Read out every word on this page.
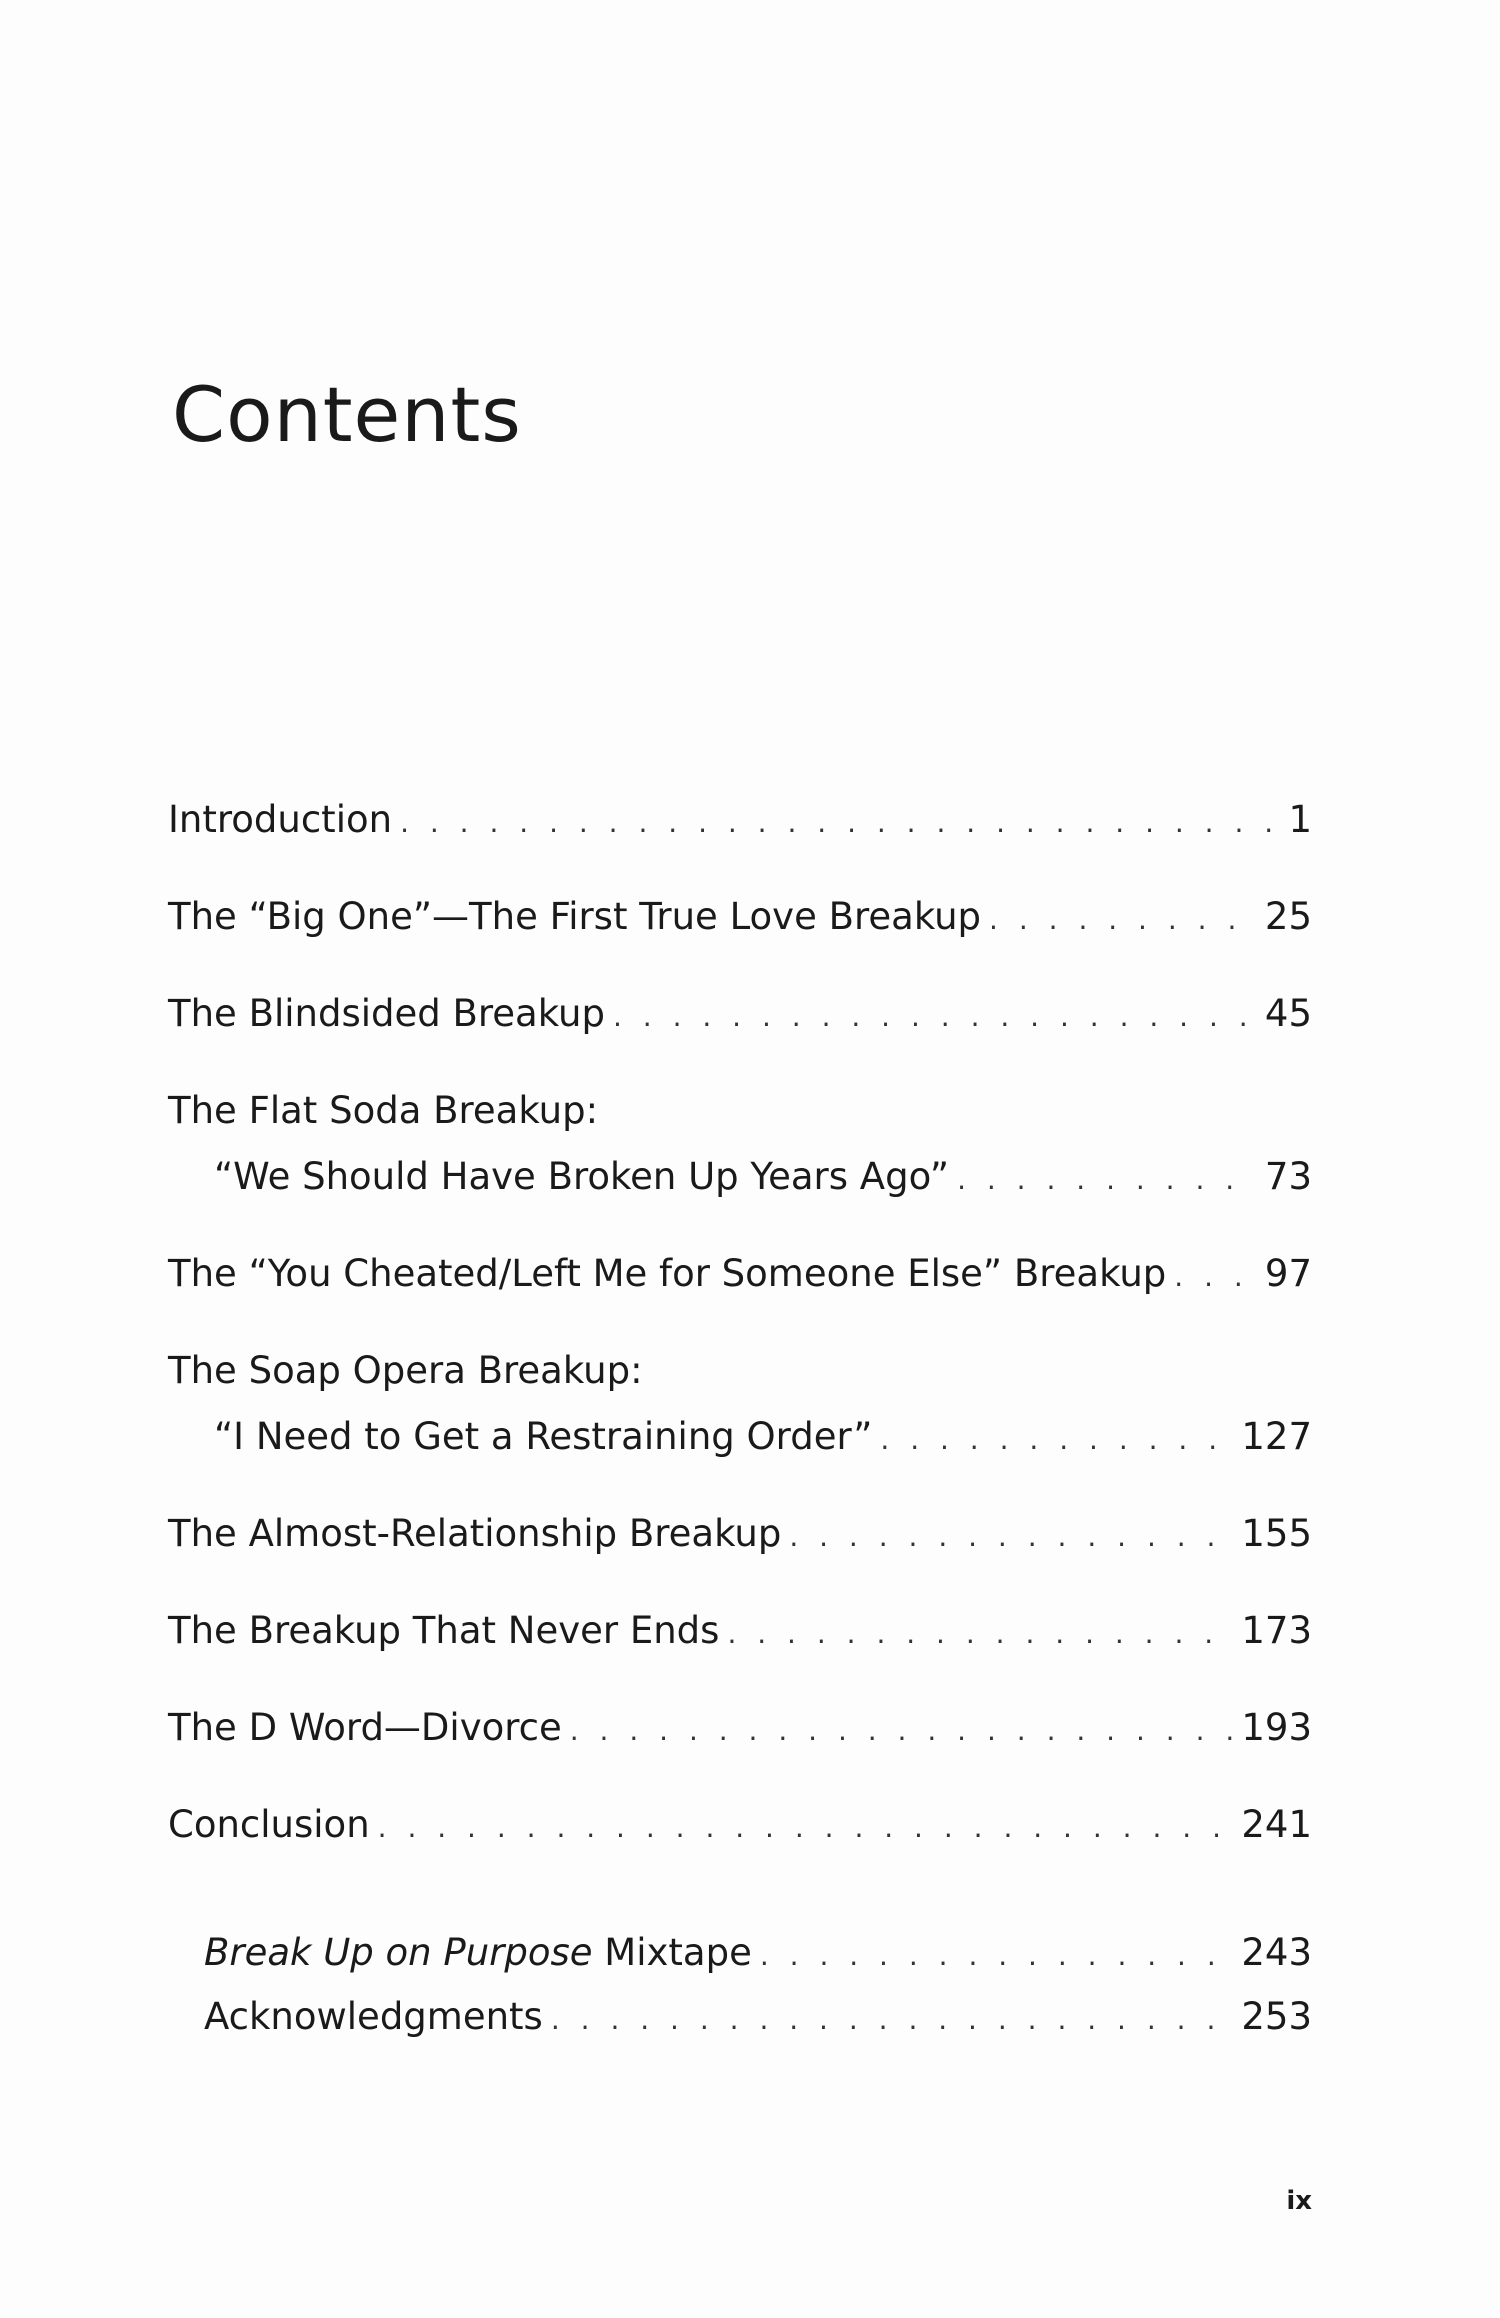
Contents
Introduction . . .	1
The “Big One”—The First True Love Breakup . . .	25
The Blindsided Breakup . . .	45
The Flat Soda Breakup:
“We Should Have Broken Up Years Ago” . . .	73
The “You Cheated/Left Me for Someone Else” Breakup . . .	97
The Soap Opera Breakup:
“I Need to Get a Restraining Order” . . .	127
The Almost-Relationship Breakup . . .	155
The Breakup That Never Ends . . .	173
The D Word—Divorce . . .	193
Conclusion . . .	241
Break Up on Purpose Mixtape . . .	243
Acknowledgments . . .	253
ix
